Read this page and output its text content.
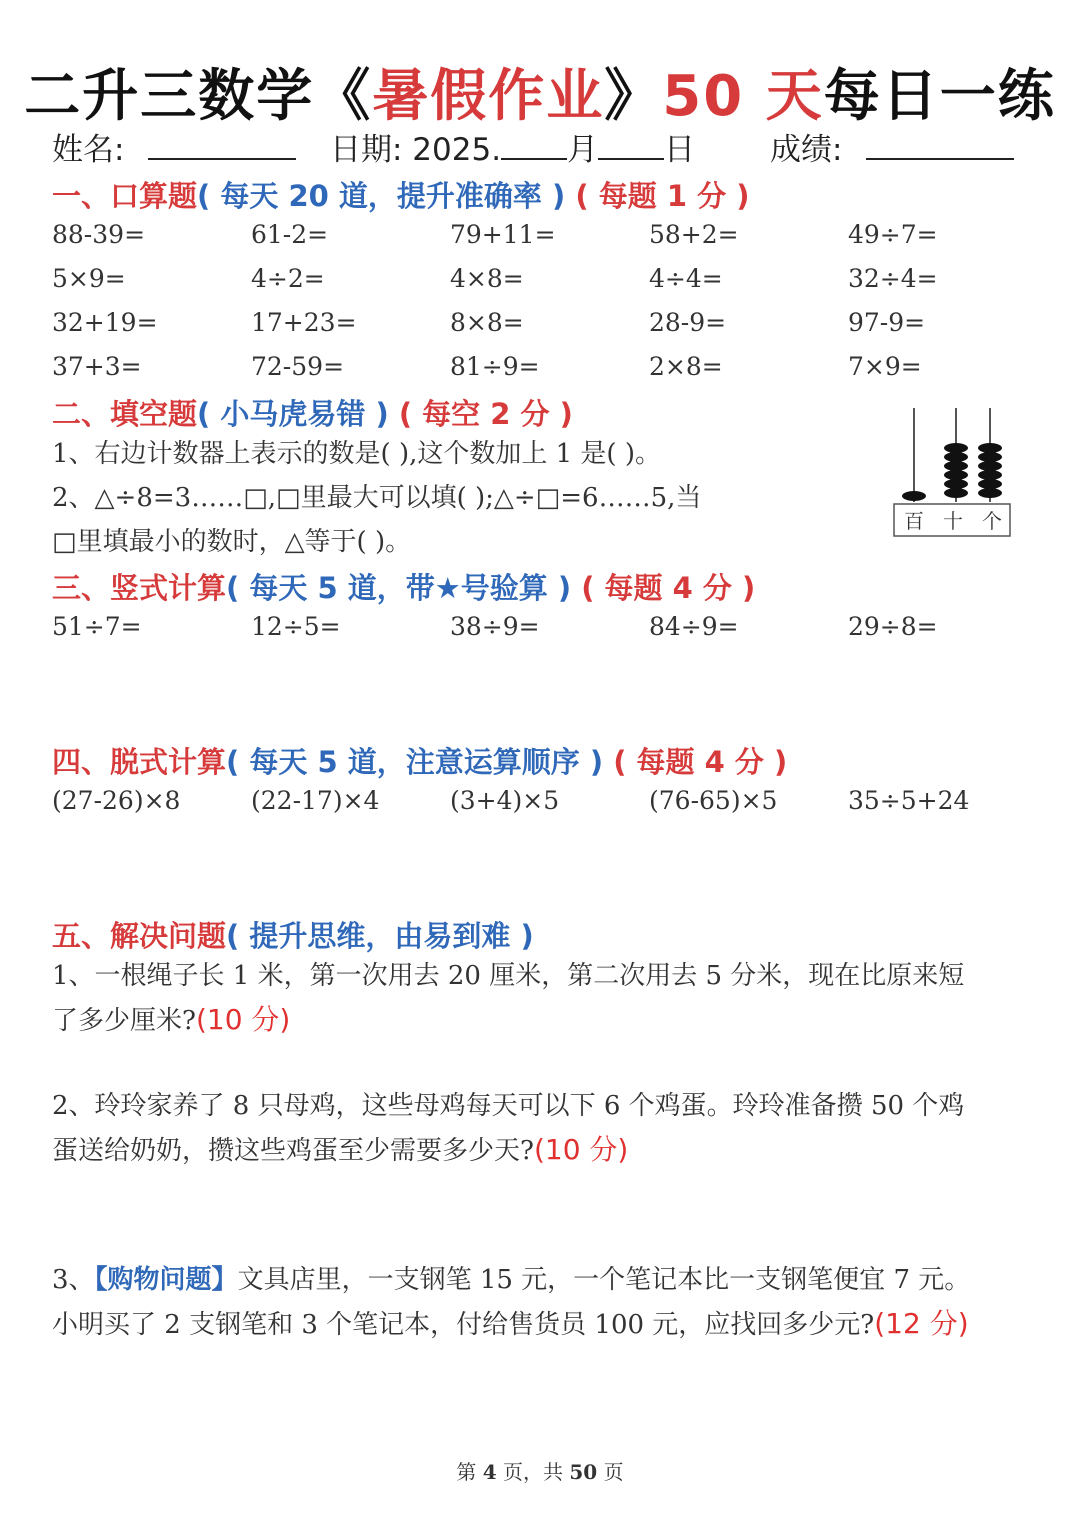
二升三数学《暑假作业》50 天每日一练
姓名:	日期: 2025. 月 日 成绩:
一、口算题( 每天 20 道，提升准确率 ) ( 每题 1 分 )
88-39=	61-2=	79+11=	58+2=	49÷7=
5×9=	4÷2=	4×8=	4÷4=	32÷4=
32+19=	17+23=	8×8=	28-9=	97-9=
37+3=	72-59=	81÷9=	2×8=	7×9=
二、填空题( 小马虎易错 ) ( 每空 2 分 )
1、右边计数器上表示的数是( ),这个数加上 1 是( )。
2、△÷8=3……□,□里最大可以填( );△÷□=6……5,当
□里填最小的数时，△等于( )。
百 十 个
三、竖式计算( 每天 5 道，带★号验算 ) ( 每题 4 分 )
51÷7=	12÷5=	38÷9=	84÷9=	29÷8=
四、脱式计算( 每天 5 道，注意运算顺序 ) ( 每题 4 分 )
(27-26)×8	(22-17)×4	(3+4)×5	(76-65)×5	35÷5+24
五、解决问题( 提升思维，由易到难 )
1、一根绳子长 1 米，第一次用去 20 厘米，第二次用去 5 分米，现在比原来短
了多少厘米?(10 分)
2、玲玲家养了 8 只母鸡，这些母鸡每天可以下 6 个鸡蛋。玲玲准备攒 50 个鸡
蛋送给奶奶，攒这些鸡蛋至少需要多少天?(10 分)
3、【购物问题】文具店里，一支钢笔 15 元，一个笔记本比一支钢笔便宜 7 元。
小明买了 2 支钢笔和 3 个笔记本，付给售货员 100 元，应找回多少元?(12 分)
第 4 页，共 50 页
